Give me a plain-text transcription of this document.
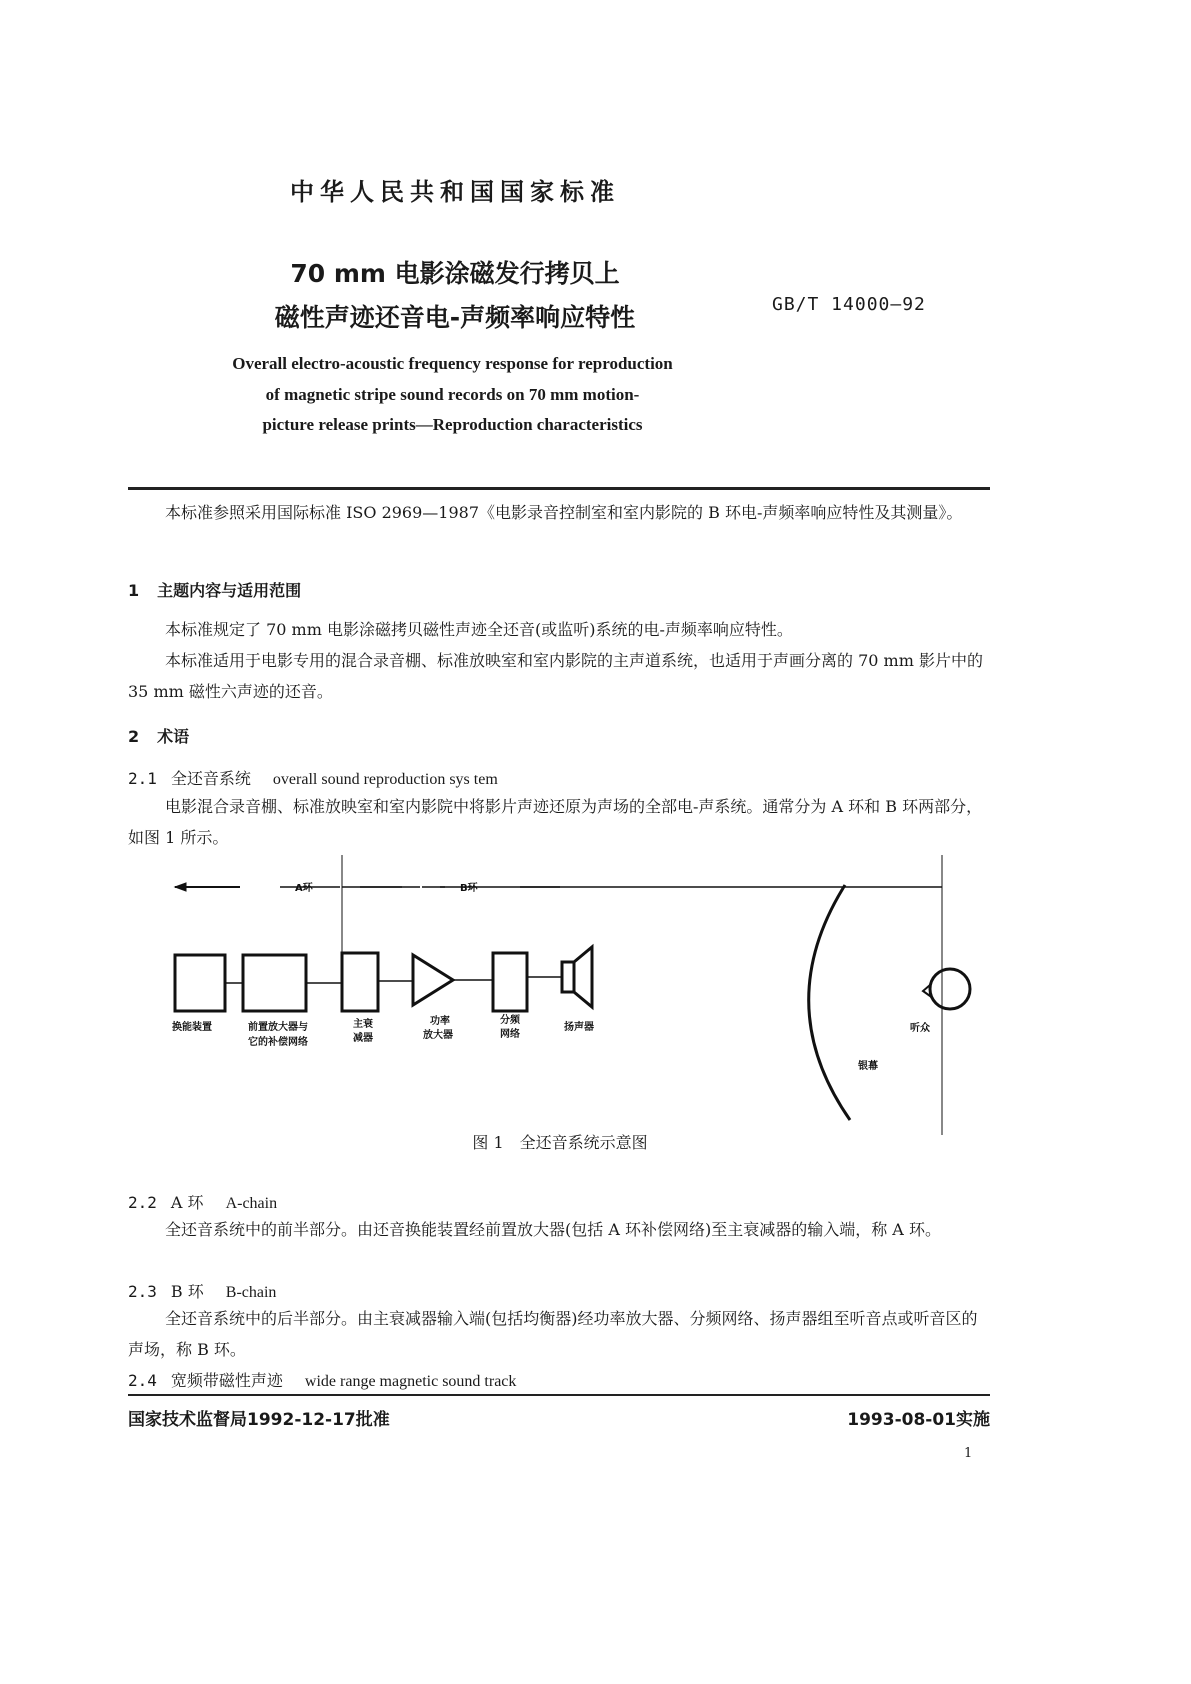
中华人民共和国国家标准
70 mm 电影涂磁发行拷贝上
磁性声迹还音电-声频率响应特性	GB/T 14000—92
Overall electro-acoustic frequency response for reproduction
of magnetic stripe sound records on 70 mm motion-
picture release prints—Reproduction characteristics
本标准参照采用国际标准 ISO 2969—1987《电影录音控制室和室内影院的 B 环电-声频率响应特性及其测量》。
1 主题内容与适用范围
本标准规定了 70 mm 电影涂磁拷贝磁性声迹全还音(或监听)系统的电-声频率响应特性。
本标准适用于电影专用的混合录音棚、标准放映室和室内影院的主声道系统，也适用于声画分离的 70 mm 影片中的 35 mm 磁性六声迹的还音。
2 术语
2.1 全还音系统 overall sound reproduction sys tem
电影混合录音棚、标准放映室和室内影院中将影片声迹还原为声场的全部电-声系统。通常分为 A 环和 B 环两部分，如图 1 所示。
A环	B环
换能装置	前置放大器与
它的补偿网络
主衰
减器
功率
放大器
分频
网络
扬声器	听众
银幕
图 1　全还音系统示意图
2.2 A 环 A-chain
全还音系统中的前半部分。由还音换能装置经前置放大器(包括 A 环补偿网络)至主衰减器的输入端，称 A 环。
2.3 B 环 B-chain
全还音系统中的后半部分。由主衰减器输入端(包括均衡器)经功率放大器、分频网络、扬声器组至听音点或听音区的声场，称 B 环。
2.4 宽频带磁性声迹 wide range magnetic sound track
国家技术监督局1992-12-17批准	1993-08-01实施
1
